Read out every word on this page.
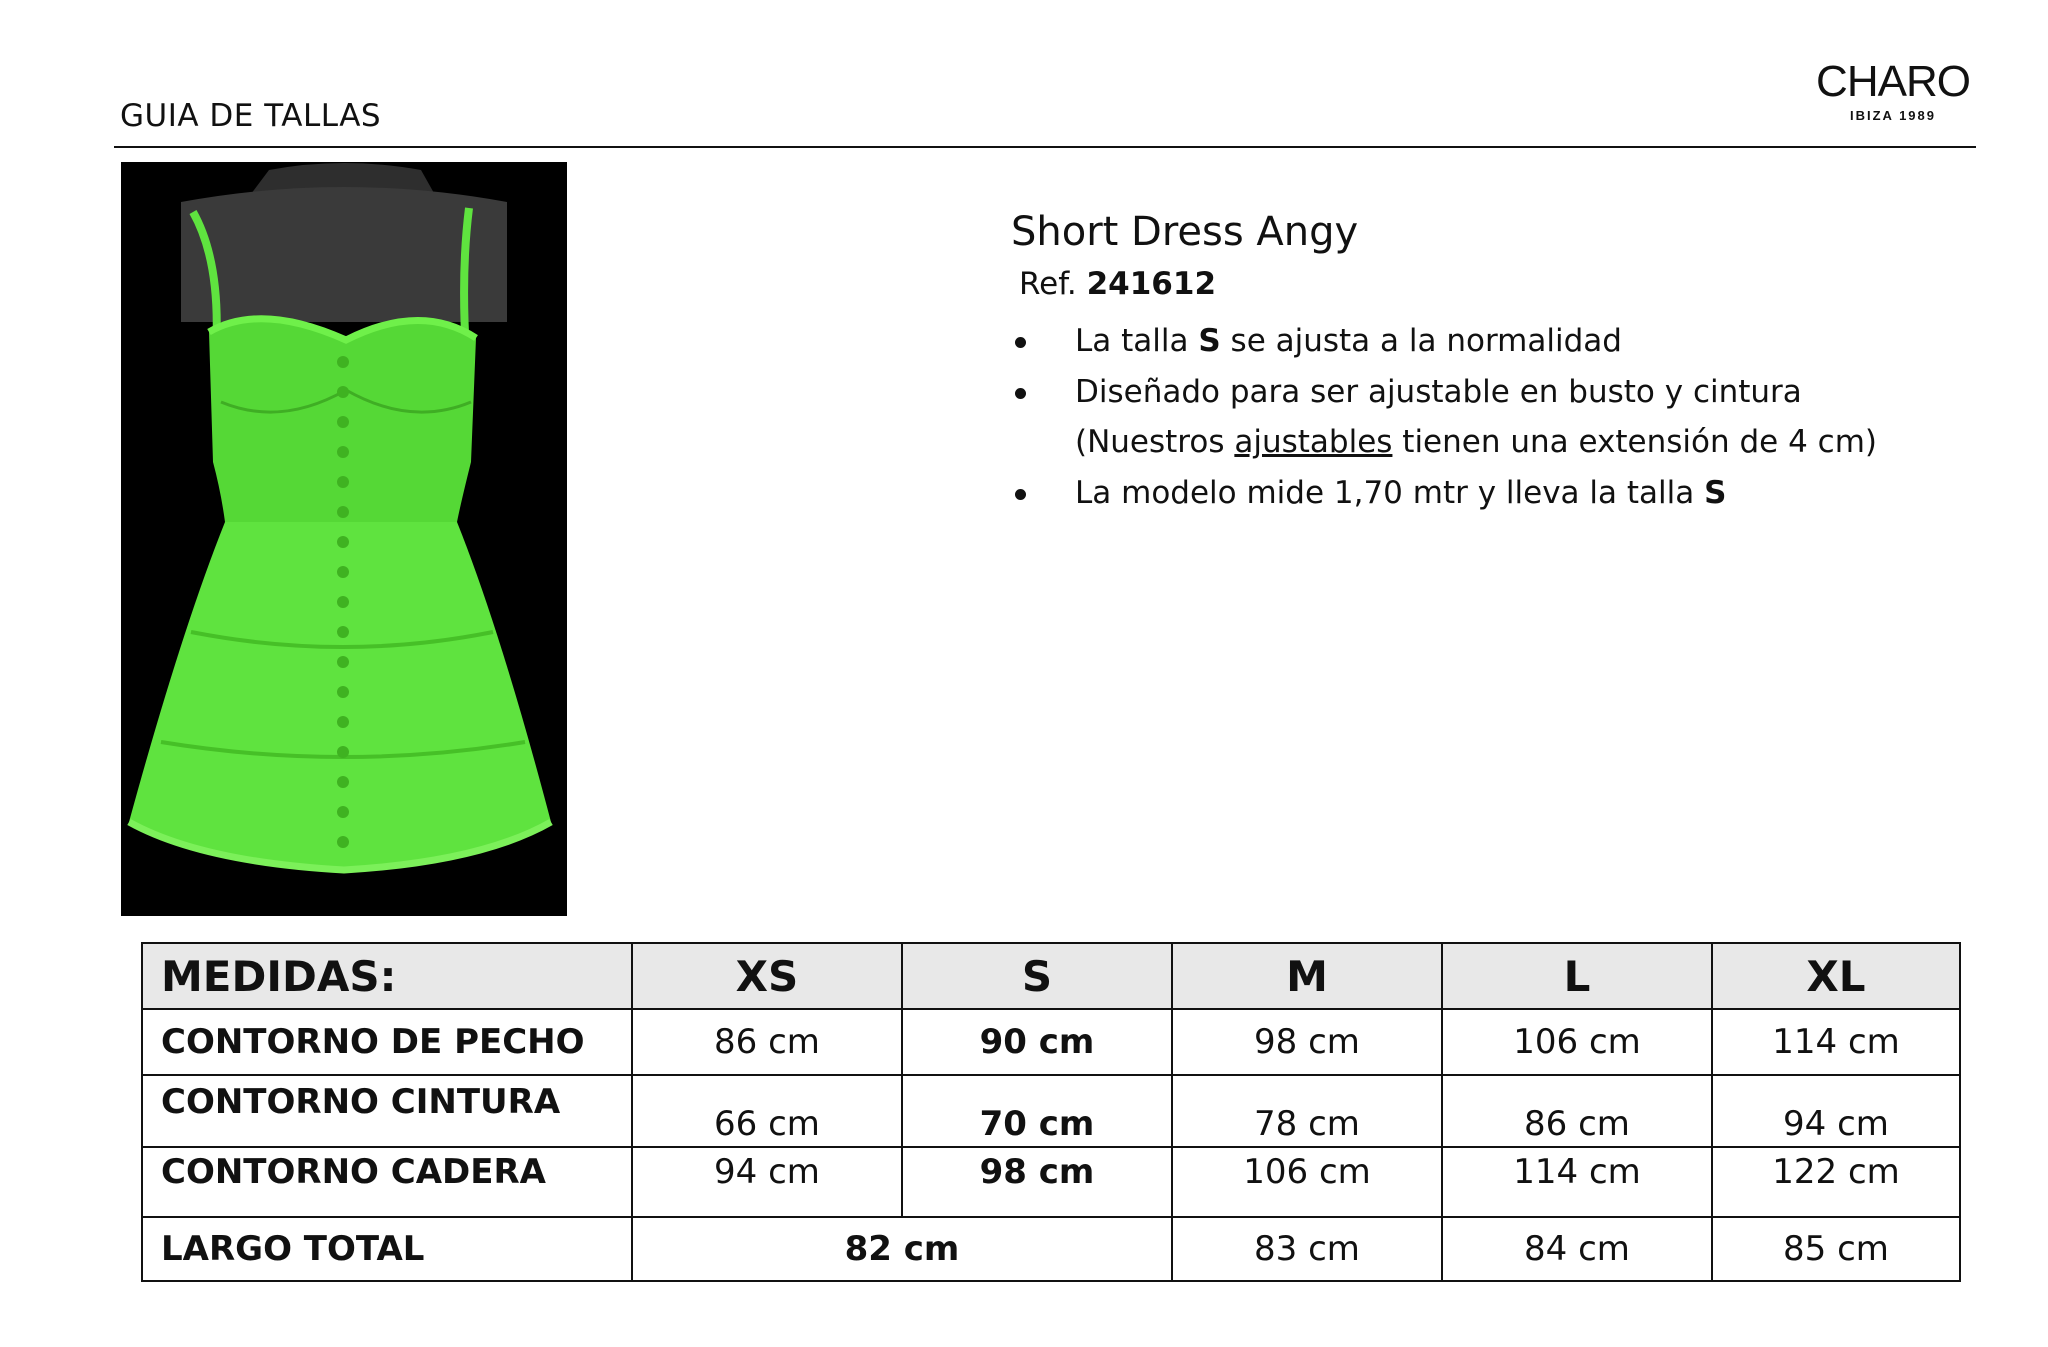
GUIA DE TALLAS
CHARO
IBIZA 1989
Short Dress Angy
Ref. 241612
La talla S se ajusta a la normalidad
Diseñado para ser ajustable en busto y cintura
(Nuestros ajustables tienen una extensión de 4 cm)
La modelo mide 1,70 mtr y lleva la talla S
MEDIDAS:	XS	S	M	L	XL
CONTORNO DE PECHO	86 cm	90 cm	98 cm	106 cm	114 cm
CONTORNO CINTURA	66 cm	70 cm	78 cm	86 cm	94 cm
CONTORNO CADERA	94 cm	98 cm	106 cm	114 cm	122 cm
LARGO TOTAL	82 cm		83 cm	84 cm	85 cm
